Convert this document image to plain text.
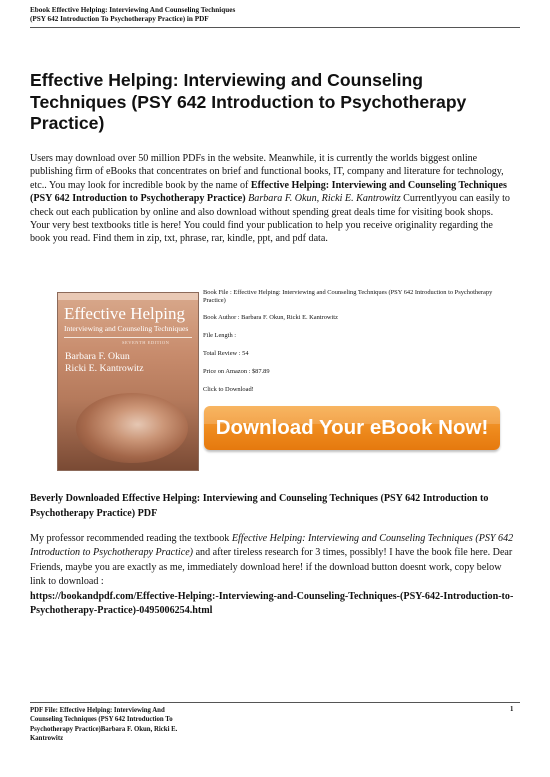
Ebook Effective Helping: Interviewing And Counseling Techniques
(PSY 642 Introduction To Psychotherapy Practice) in PDF
Effective Helping: Interviewing and Counseling Techniques (PSY 642 Introduction to Psychotherapy Practice)

Users may download over 50 million PDFs in the website. Meanwhile, it is currently the worlds biggest online publishing firm of eBooks that concentrates on brief and functional books, IT, company and literature for technology, etc.. You may look for incredible book by the name of Effective Helping: Interviewing and Counseling Techniques (PSY 642 Introduction to Psychotherapy Practice) Barbara F. Okun, Ricki E. Kantrowitz Currentlyyou can easily to check out each publication by online and also download without spending great deals time for visiting book shops. Your very best textbooks title is here! You could find your publication to help you receive originality regarding the book you read. Find them in zip, txt, phrase, rar, kindle, ppt, and pdf data.

Effective Helping
Interviewing and Counseling Techniques
SEVENTH EDITION
Barbara F. Okun
Ricki E. Kantrowitz
Book File : Effective Helping: Interviewing and Counseling Techniques (PSY 642 Introduction to Psychotherapy Practice)
Book Author : Barbara F. Okun, Ricki E. Kantrowitz
File Length :
Total Review : 54
Price on Amazon : $87.89
Click to Download!
Download Your eBook Now!
Beverly Downloaded Effective Helping: Interviewing and Counseling Techniques (PSY 642 Introduction to Psychotherapy Practice) PDF

My professor recommended reading the textbook Effective Helping: Interviewing and Counseling Techniques (PSY 642 Introduction to Psychotherapy Practice) and after tireless research for 3 times, possibly! I have the book file here. Dear Friends, maybe you are exactly as me, immediately download here! if the download button doesnt work, copy below link to download :
https://bookandpdf.com/Effective-Helping:-Interviewing-and-Counseling-Techniques-(PSY-642-Introduction-to-Psychotherapy-Practice)-0495006254.html

PDF File: Effective Helping: Interviewing And Counseling Techniques (PSY 642 Introduction To Psychotherapy Practice)Barbara F. Okun, Ricki E. Kantrowitz
1
